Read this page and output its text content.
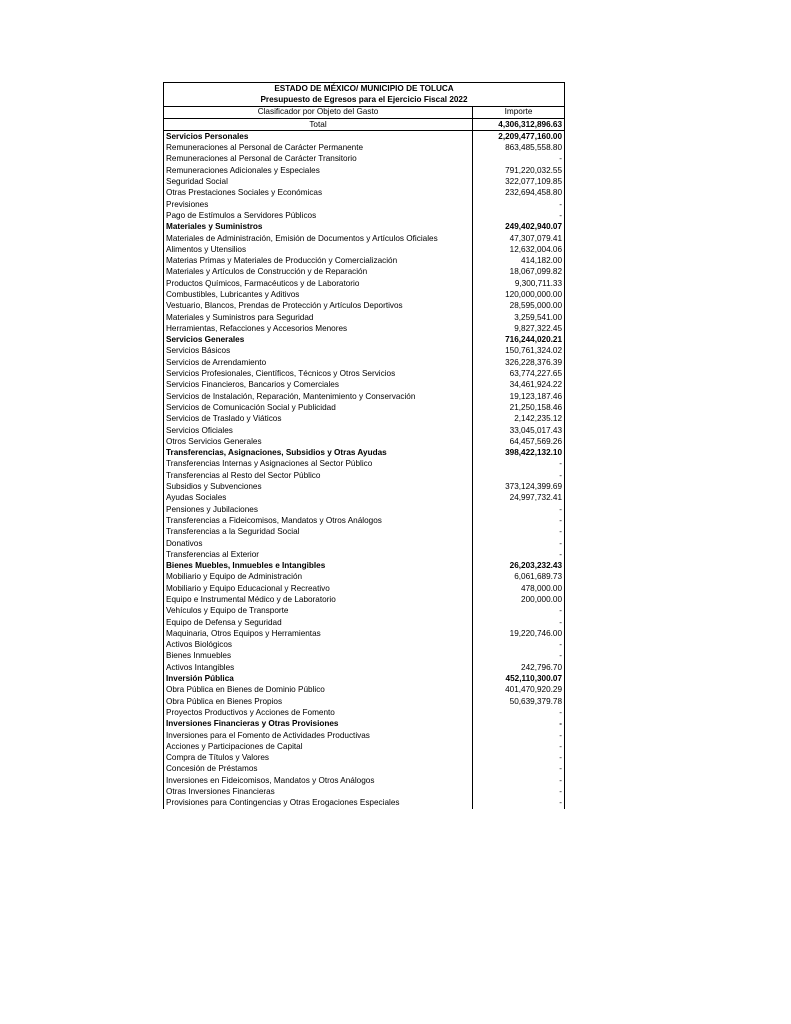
ESTADO DE MÉXICO/ MUNICIPIO DE TOLUCA	
Presupuesto de Egresos para el Ejercicio Fiscal 2022	
Clasificador por Objeto del Gasto	Importe
Total	4,306,312,896.63
Servicios Personales	2,209,477,160.00
Remuneraciones al Personal de Carácter Permanente	863,485,558.80
Remuneraciones al Personal de Carácter Transitorio	-
Remuneraciones Adicionales y Especiales	791,220,032.55
Seguridad Social	322,077,109.85
Otras Prestaciones Sociales y Económicas	232,694,458.80
Previsiones	-
Pago de Estímulos a Servidores Públicos	-
Materiales y Suministros	249,402,940.07
Materiales de Administración, Emisión de Documentos y Artículos Oficiales	47,307,079.41
Alimentos y Utensilios	12,632,004.06
Materias Primas y Materiales de Producción y Comercialización	414,182.00
Materiales y Artículos de Construcción y de Reparación	18,067,099.82
Productos Químicos, Farmacéuticos y de Laboratorio	9,300,711.33
Combustibles, Lubricantes y Aditivos	120,000,000.00
Vestuario, Blancos, Prendas de Protección y Artículos Deportivos	28,595,000.00
Materiales y Suministros para Seguridad	3,259,541.00
Herramientas, Refacciones y Accesorios Menores	9,827,322.45
Servicios Generales	716,244,020.21
Servicios Básicos	150,761,324.02
Servicios de Arrendamiento	326,228,376.39
Servicios Profesionales, Científicos, Técnicos y Otros Servicios	63,774,227.65
Servicios Financieros, Bancarios y Comerciales	34,461,924.22
Servicios de Instalación, Reparación, Mantenimiento y Conservación	19,123,187.46
Servicios de Comunicación Social y Publicidad	21,250,158.46
Servicios de Traslado y Viáticos	2,142,235.12
Servicios Oficiales	33,045,017.43
Otros Servicios Generales	64,457,569.26
Transferencias, Asignaciones, Subsidios y Otras Ayudas	398,422,132.10
Transferencias Internas y Asignaciones al Sector Público	-
Transferencias al Resto del Sector Público	-
Subsidios y Subvenciones	373,124,399.69
Ayudas Sociales	24,997,732.41
Pensiones y Jubilaciones	-
Transferencias a Fideicomisos, Mandatos y Otros Análogos	-
Transferencias a la Seguridad Social	-
Donativos	-
Transferencias al Exterior	-
Bienes Muebles, Inmuebles e Intangibles	26,203,232.43
Mobiliario y Equipo de Administración	6,061,689.73
Mobiliario y Equipo Educacional y Recreativo	478,000.00
Equipo e Instrumental Médico y de Laboratorio	200,000.00
Vehículos y Equipo de Transporte	-
Equipo de Defensa y Seguridad	-
Maquinaria, Otros Equipos y Herramientas	19,220,746.00
Activos Biológicos	-
Bienes Inmuebles	-
Activos Intangibles	242,796.70
Inversión Pública	452,110,300.07
Obra Pública en Bienes de Dominio Público	401,470,920.29
Obra Pública en Bienes Propios	50,639,379.78
Proyectos Productivos y Acciones de Fomento	-
Inversiones Financieras y Otras Provisiones	-
Inversiones para el Fomento de Actividades Productivas	-
Acciones y Participaciones de Capital	-
Compra de Títulos y Valores	-
Concesión de Préstamos	-
Inversiones en Fideicomisos, Mandatos y Otros Análogos	-
Otras Inversiones Financieras	-
Provisiones para Contingencias y Otras Erogaciones Especiales	-
